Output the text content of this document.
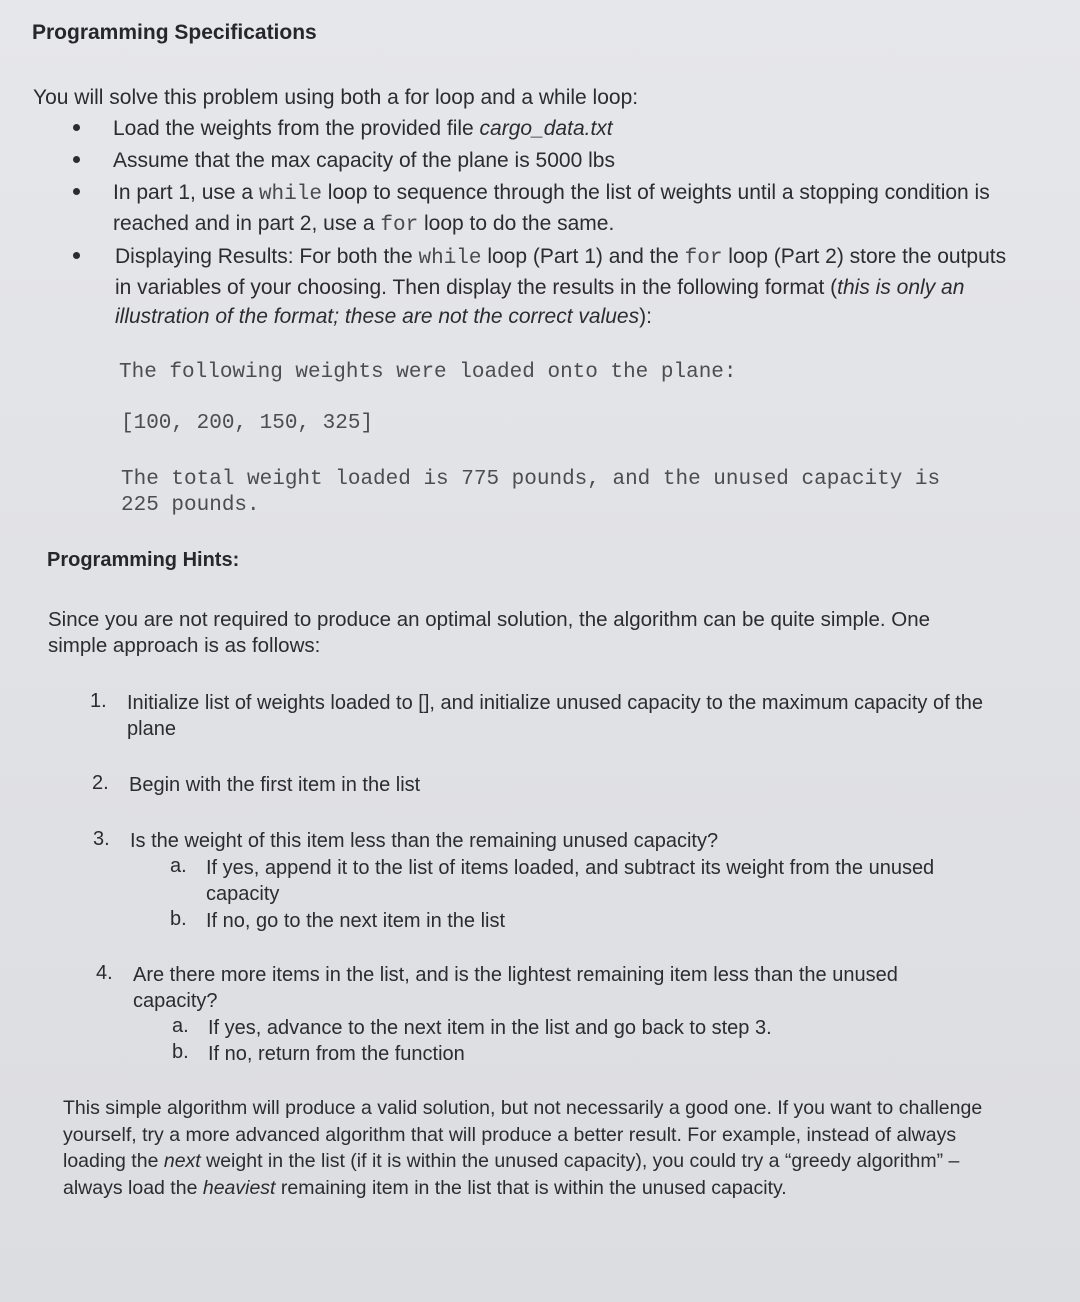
Programming Specifications
You will solve this problem using both a for loop and a while loop:
Load the weights from the provided file cargo_data.txt
Assume that the max capacity of the plane is 5000 lbs
In part 1, use a while loop to sequence through the list of weights until a stopping condition is reached and in part 2, use a for loop to do the same.
Displaying Results: For both the while loop (Part 1) and the for loop (Part 2) store the outputs in variables of your choosing. Then display the results in the following format (this is only an illustration of the format; these are not the correct values):
The following weights were loaded onto the plane:
[100, 200, 150, 325]
The total weight loaded is 775 pounds, and the unused capacity is
225 pounds.
Programming Hints:
Since you are not required to produce an optimal solution, the algorithm can be quite simple. One simple approach is as follows:
1. Initialize list of weights loaded to [], and initialize unused capacity to the maximum capacity of the plane
2. Begin with the first item in the list
3. Is the weight of this item less than the remaining unused capacity?
a. If yes, append it to the list of items loaded, and subtract its weight from the unused capacity
b. If no, go to the next item in the list
4. Are there more items in the list, and is the lightest remaining item less than the unused capacity?
a. If yes, advance to the next item in the list and go back to step 3.
b. If no, return from the function
This simple algorithm will produce a valid solution, but not necessarily a good one. If you want to challenge yourself, try a more advanced algorithm that will produce a better result. For example, instead of always loading the next weight in the list (if it is within the unused capacity), you could try a “greedy algorithm” – always load the heaviest remaining item in the list that is within the unused capacity.
